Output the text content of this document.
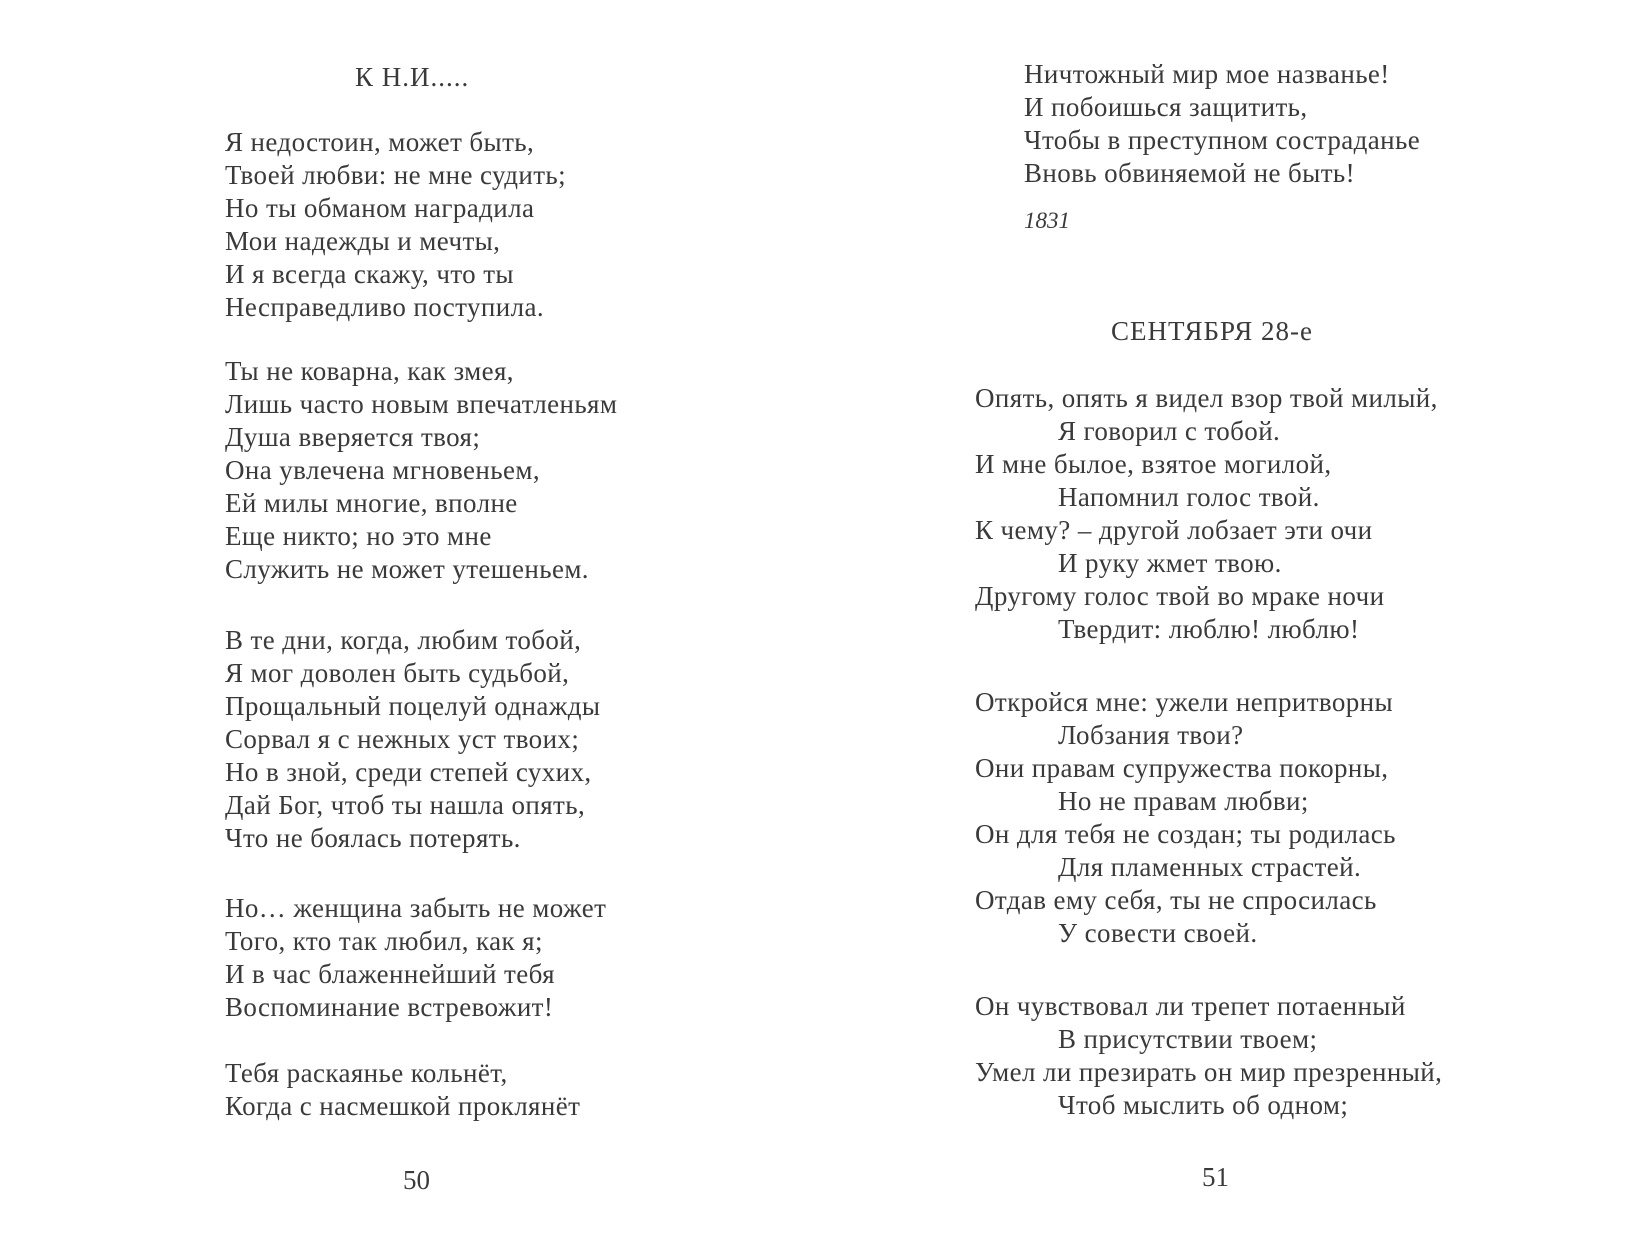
К Н.И.....
Я недостоин, может быть,
Твоей любви: не мне судить;
Но ты обманом наградила
Мои надежды и мечты,
И я всегда скажу, что ты
Несправедливо поступила.
Ты не коварна, как змея,
Лишь часто новым впечатленьям
Душа вверяется твоя;
Она увлечена мгновеньем,
Ей милы многие, вполне
Еще никто; но это мне
Служить не может утешеньем.
В те дни, когда, любим тобой,
Я мог доволен быть судьбой,
Прощальный поцелуй однажды
Сорвал я с нежных уст твоих;
Но в зной, среди степей сухих,
Дай Бог, чтоб ты нашла опять,
Что не боялась потерять.
Но… женщина забыть не может
Того, кто так любил, как я;
И в час блаженнейший тебя
Воспоминание встревожит!
Тебя раскаянье кольнёт,
Когда с насмешкой проклянёт
50
Ничтожный мир мое названье!
И побоишься защитить,
Чтобы в преступном состраданье
Вновь обвиняемой не быть!
1831
СЕНТЯБРЯ 28-е
Опять, опять я видел взор твой милый,
Я говорил с тобой.
И мне былое, взятое могилой,
Напомнил голос твой.
К чему? – другой лобзает эти очи
И руку жмет твою.
Другому голос твой во мраке ночи
Твердит: люблю! люблю!
Откройся мне: ужели непритворны
Лобзания твои?
Они правам супружества покорны,
Но не правам любви;
Он для тебя не создан; ты родилась
Для пламенных страстей.
Отдав ему себя, ты не спросилась
У совести своей.
Он чувствовал ли трепет потаенный
В присутствии твоем;
Умел ли презирать он мир презренный,
Чтоб мыслить об одном;
51
